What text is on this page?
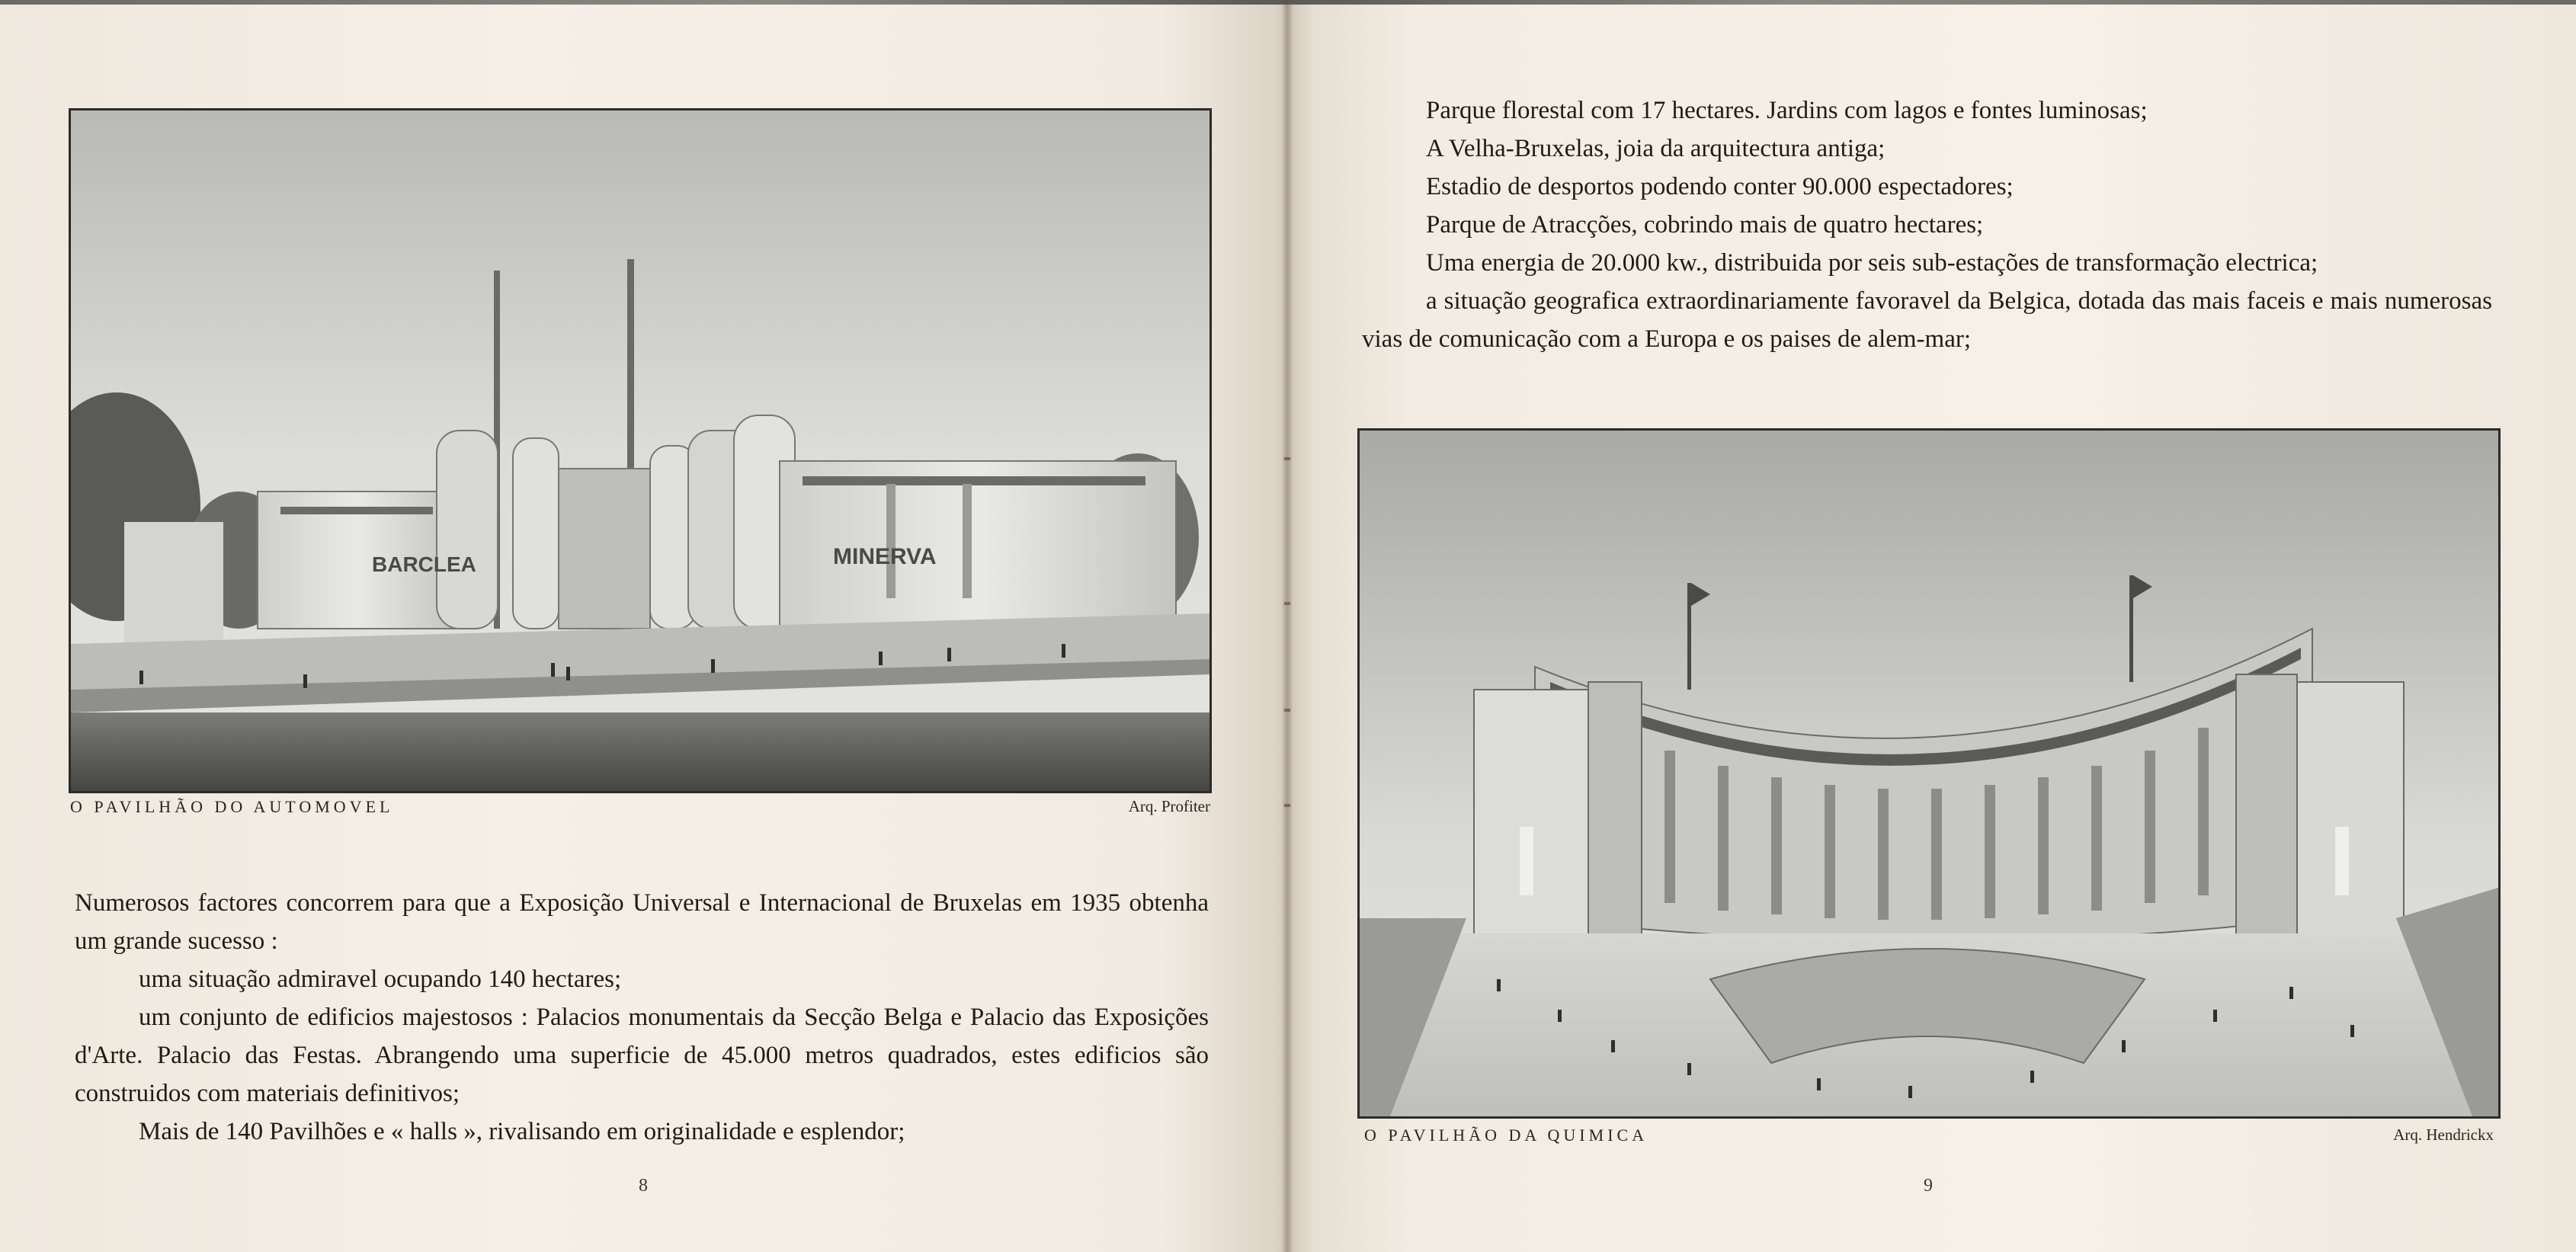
BARCLEA	MINERVA
O PAVILHÃO DO AUTOMOVEL	Arq. Profiter

Numerosos factores concorrem para que a Exposição Universal e Internacional de Bruxelas em 1935 obtenha um grande sucesso :

uma situação admiravel ocupando 140 hectares;

um conjunto de edificios majestosos : Palacios monumentais da Secção Belga e Palacio das Exposições d'Arte. Palacio das Festas. Abrangendo uma superficie de 45.000 metros quadrados, estes edificios são construidos com materiais definitivos;

Mais de 140 Pavilhões e « halls », rivalisando em originalidade e esplendor;

8

Parque florestal com 17 hectares. Jardins com lagos e fontes luminosas;

A Velha-Bruxelas, joia da arquitectura antiga;

Estadio de desportos podendo conter 90.000 espectadores;

Parque de Atracções, cobrindo mais de quatro hectares;

Uma energia de 20.000 kw., distribuida por seis sub-estações de transformação electrica;

a situação geografica extraordinariamente favoravel da Belgica, dotada das mais faceis e mais numerosas vias de comunicação com a Europa e os paises de alem-mar;

O PAVILHÃO DA QUIMICA	Arq. Hendrickx
9
